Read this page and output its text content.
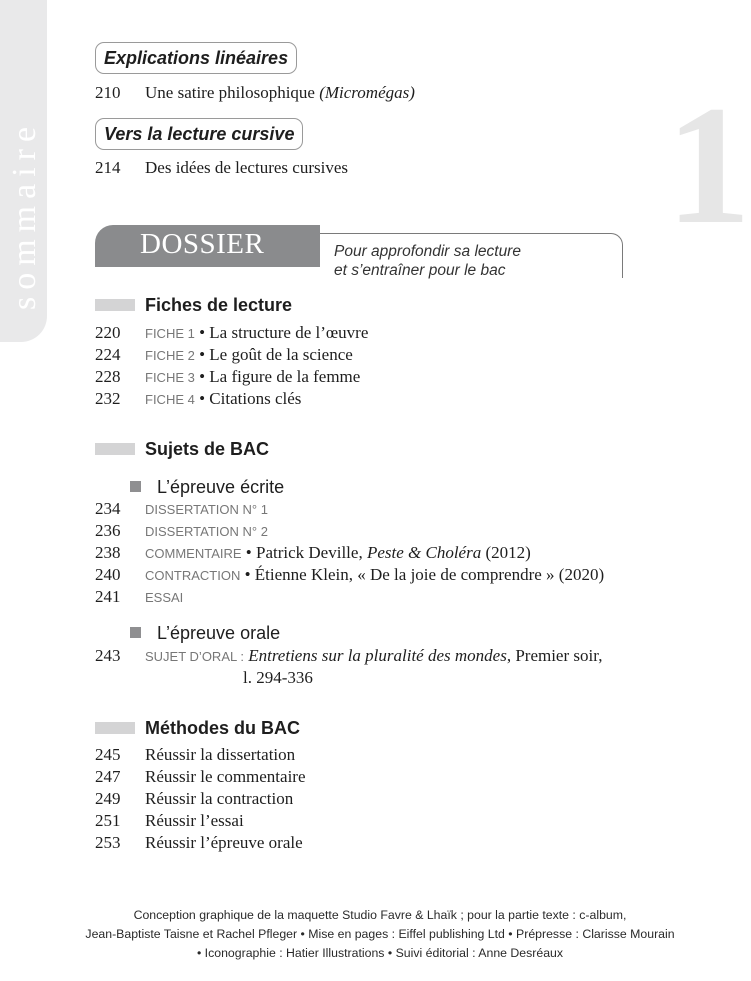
sommaire	1
Explications linéaires
210 Une satire philosophique (Micromégas)
Vers la lecture cursive
214 Des idées de lectures cursives
DOSSIER	Pour approfondir sa lecture
et s’entraîner pour le bac
Fiches de lecture
220 FICHE 1 • La structure de l’œuvre
224 FICHE 2 • Le goût de la science
228 FICHE 3 • La figure de la femme
232 FICHE 4 • Citations clés
Sujets de BAC
L’épreuve écrite
234 DISSERTATION N° 1
236 DISSERTATION N° 2
238 COMMENTAIRE • Patrick Deville, Peste & Choléra (2012)
240 CONTRACTION • Étienne Klein, « De la joie de comprendre » (2020)
241 ESSAI
L’épreuve orale
243 SUJET D’ORAL : Entretiens sur la pluralité des mondes, Premier soir,
l. 294-336
Méthodes du BAC
245 Réussir la dissertation
247 Réussir le commentaire
249 Réussir la contraction
251 Réussir l’essai
253 Réussir l’épreuve orale
Conception graphique de la maquette Studio Favre & Lhaïk ; pour la partie texte : c-album,
Jean-Baptiste Taisne et Rachel Pfleger • Mise en pages : Eiffel publishing Ltd • Prépresse : Clarisse Mourain
• Iconographie : Hatier Illustrations • Suivi éditorial : Anne Desréaux
